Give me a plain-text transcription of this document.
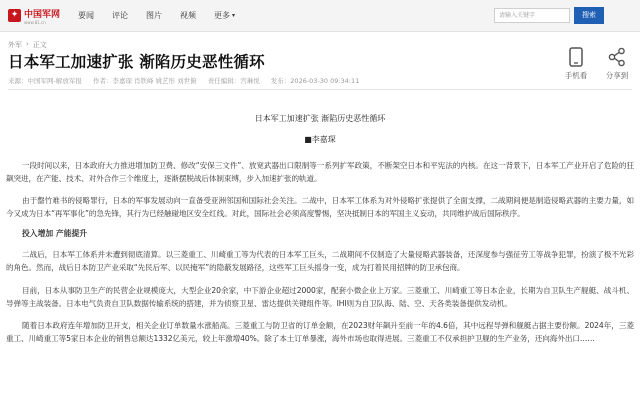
✦ 中国军网
www.81.cn
要闻 评论 图片 视频 更多 ▾
请输入关键字	搜索
外军 › 正文
日本军工加速扩张 渐陷历史恶性循环
来源：中国军网-解放军报 作者：李嘉琛 肖铁峰 姚艺彤 刘世俯 责任编辑：宫琳悦 发布：2026-03-30 09:34:11
手机看	分享到
日本军工加速扩张 渐陷历史恶性循环
■李嘉琛

一段时间以来，日本政府大力推进增加防卫费、修改“安保三文件”、放宽武器出口限制等一系列扩军政策，不断架空日本和平宪法的内核。在这一背景下，日本军工产业开启了危险的狂飙突进，在产能、技术、对外合作三个维度上，逐渐摆脱战后体制束缚，步入加速扩张的轨道。

由于罄竹难书的侵略罪行，日本的军事发展动向一直备受亚洲邻国和国际社会关注。二战中，日本军工体系为对外侵略扩张提供了全面支撑，二战期间便是制造侵略武器的主要力量，如今又成为日本“再军事化”的急先锋，其行为已经触碰地区安全红线。对此，国际社会必须高度警惕，坚决抵制日本的军国主义妄动，共同维护战后国际秩序。

投入增加 产能提升

二战后，日本军工体系并未遭到彻底清算。以三菱重工、川崎重工等为代表的日本军工巨头，二战期间不仅制造了大量侵略武器装备，还深度参与强征劳工等战争犯罪，扮演了极不光彩的角色。然而，战后日本防卫产业采取“先民后军、以民掩军”的隐蔽发展路径，这些军工巨头摇身一变，成为打着民用招牌的防卫承包商。

目前，日本从事防卫生产的民营企业规模庞大，大型企业20余家，中下游企业超过2000家，配套小微企业上万家。三菱重工、川崎重工等日本企业，长期为自卫队生产舰艇、战斗机、导弹等主战装备。日本电气负责自卫队数据传输系统的搭建，并为侦察卫星、雷达提供关键组件等。IHI则为自卫队海、陆、空、天各类装备提供发动机。

随着日本政府连年增加防卫开支，相关企业订单数量水涨船高。三菱重工与防卫省的订单金额，在2023财年飙升至前一年的4.6倍，其中远程导弹和舰艇占据主要份额。2024年，三菱重工、川崎重工等5家日本企业的销售总额达1332亿美元，较上年激增40%。除了本土订单暴涨，海外市场也取得进展。三菱重工不仅承担护卫舰的生产业务，还向海外出口……
